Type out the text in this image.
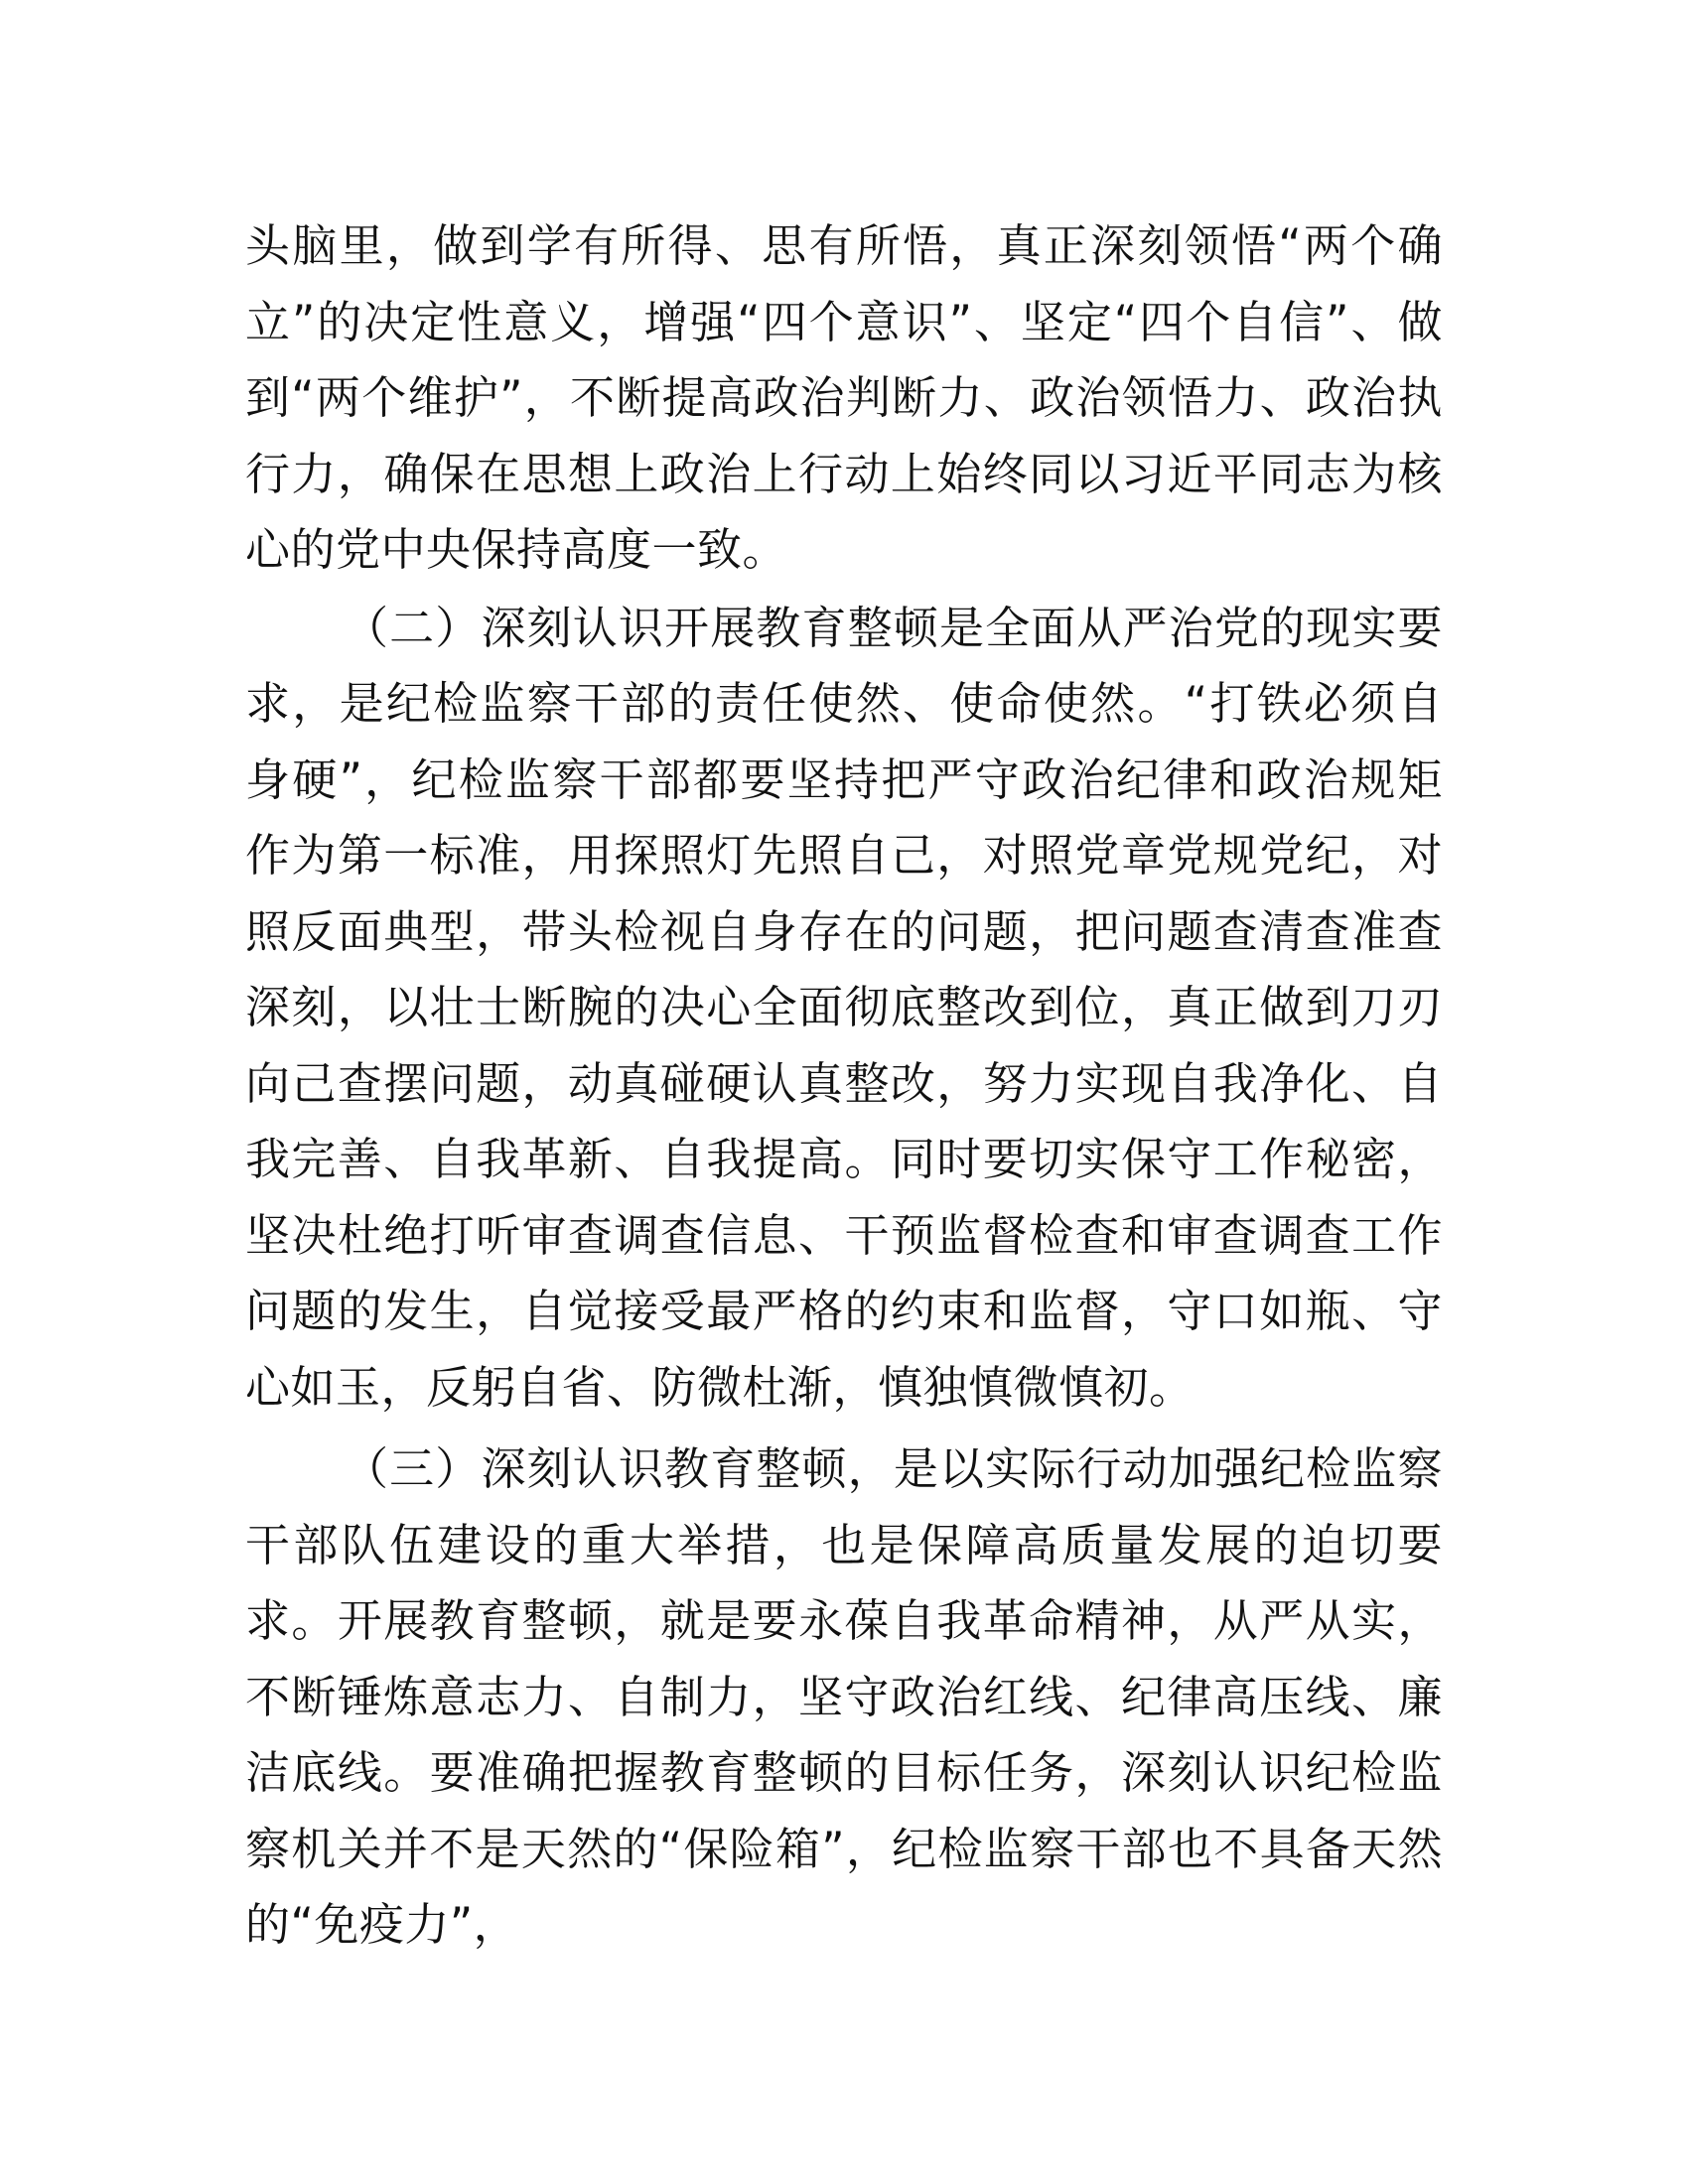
头脑里，做到学有所得、思有所悟，真正深刻领悟“两个确立”的决定性意义，增强“四个意识”、坚定“四个自信”、做到“两个维护”，不断提高政治判断力、政治领悟力、政治执行力，确保在思想上政治上行动上始终同以习近平同志为核心的党中央保持高度一致。

（二）深刻认识开展教育整顿是全面从严治党的现实要求，是纪检监察干部的责任使然、使命使然。“打铁必须自身硬”，纪检监察干部都要坚持把严守政治纪律和政治规矩作为第一标准，用探照灯先照自己，对照党章党规党纪，对照反面典型，带头检视自身存在的问题，把问题查清查准查深刻，以壮士断腕的决心全面彻底整改到位，真正做到刀刃向己查摆问题，动真碰硬认真整改，努力实现自我净化、自我完善、自我革新、自我提高。同时要切实保守工作秘密，坚决杜绝打听审查调查信息、干预监督检查和审查调查工作问题的发生，自觉接受最严格的约束和监督，守口如瓶、守心如玉，反躬自省、防微杜渐，慎独慎微慎初。

（三）深刻认识教育整顿，是以实际行动加强纪检监察干部队伍建设的重大举措，也是保障高质量发展的迫切要求。开展教育整顿，就是要永葆自我革命精神，从严从实，不断锤炼意志力、自制力，坚守政治红线、纪律高压线、廉洁底线。要准确把握教育整顿的目标任务，深刻认识纪检监察机关并不是天然的“保险箱”，纪检监察干部也不具备天然的“免疫力”，
